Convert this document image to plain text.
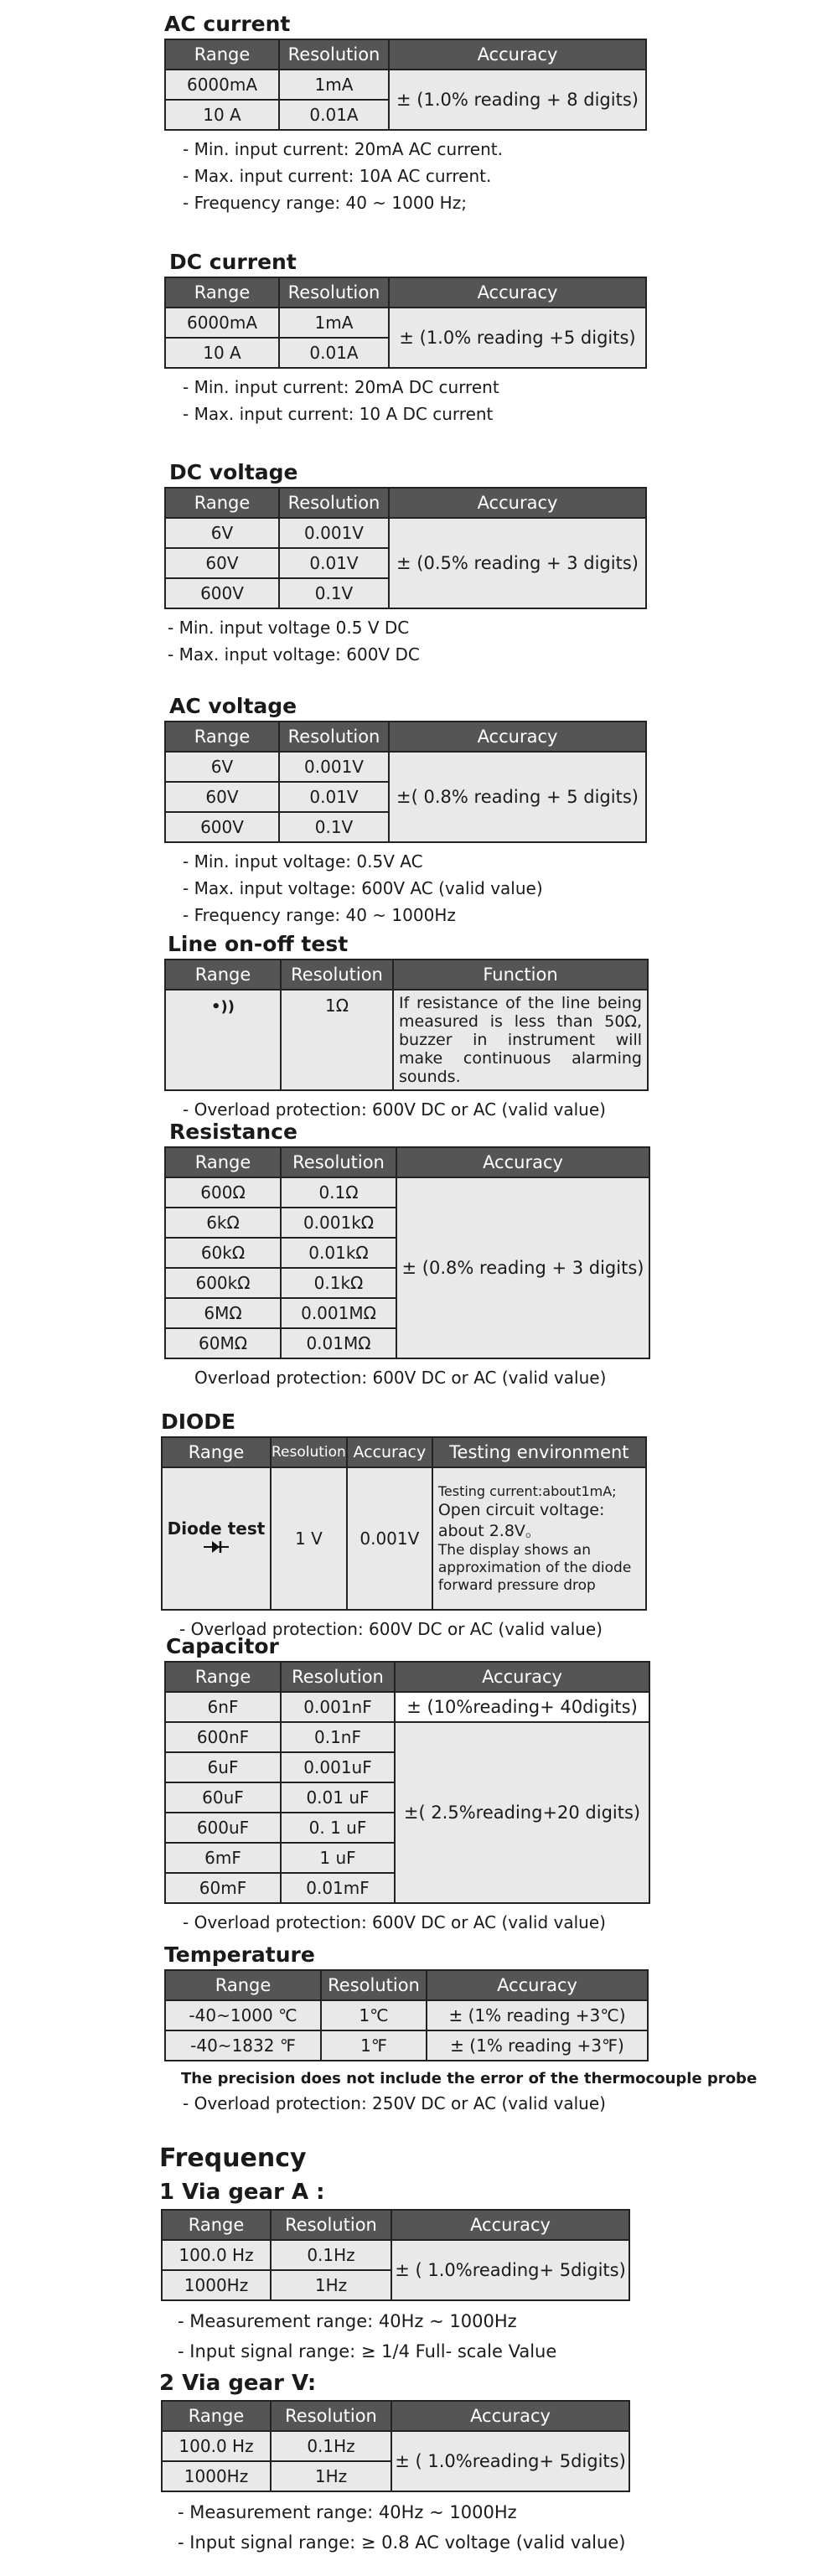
AC current
Range	Resolution	Accuracy
6000mA	1mA	± (1.0% reading + 8 digits)
10 A	0.01A	
- Min. input current: 20mA AC current.
- Max. input current: 10A AC current.
- Frequency range: 40 ~ 1000 Hz;
DC current
Range	Resolution	Accuracy
6000mA	1mA	± (1.0% reading +5 digits)
10 A	0.01A	
- Min. input current: 20mA DC current
- Max. input current: 10 A DC current
DC voltage
Range	Resolution	Accuracy
6V	0.001V	± (0.5% reading + 3 digits)
60V	0.01V	
600V	0.1V	
- Min. input voltage 0.5 V DC
- Max. input voltage: 600V DC
AC voltage
Range	Resolution	Accuracy
6V	0.001V	±( 0.8% reading + 5 digits)
60V	0.01V	
600V	0.1V	
- Min. input voltage: 0.5V AC
- Max. input voltage: 600V AC (valid value)
- Frequency range: 40 ~ 1000Hz
Line on-off test
Range	Resolution	Function
•))	1Ω	If resistance of the line being measured is less than 50Ω, buzzer in instrument will make continuous alarming sounds.
- Overload protection: 600V DC or AC (valid value)
Resistance
Range	Resolution	Accuracy
600Ω	0.1Ω	± (0.8% reading + 3 digits)
6kΩ	0.001kΩ	
60kΩ	0.01kΩ	
600kΩ	0.1kΩ	
6MΩ	0.001MΩ	
60MΩ	0.01MΩ	
Overload protection: 600V DC or AC (valid value)
DIODE
Range	Resolution	Accuracy	Testing environment

Diode test	1 V	0.001V	Testing current:about1mA;
Open circuit voltage: about 2.8V。
The display shows an approximation of the diode forward pressure drop
- Overload protection: 600V DC or AC (valid value)
Capacitor
Range	Resolution	Accuracy
6nF	0.001nF	± (10%reading+ 40digits)
600nF	0.1nF	±( 2.5%reading+20 digits)
6uF	0.001uF	
60uF	0.01 uF	
600uF	0. 1 uF	
6mF	1 uF	
60mF	0.01mF	
- Overload protection: 600V DC or AC (valid value)
Temperature
Range	Resolution	Accuracy
-40~1000 ℃	1℃	± (1% reading +3℃)
-40~1832 ℉	1℉	± (1% reading +3℉)
The precision does not include the error of the thermocouple probe
- Overload protection: 250V DC or AC (valid value)
Frequency
1 Via gear A :
Range	Resolution	Accuracy
100.0 Hz	0.1Hz	± ( 1.0%reading+ 5digits)
1000Hz	1Hz	
- Measurement range: 40Hz ~ 1000Hz
- Input signal range: ≥ 1/4 Full- scale Value
2 Via gear V:
Range	Resolution	Accuracy
100.0 Hz	0.1Hz	± ( 1.0%reading+ 5digits)
1000Hz	1Hz	
- Measurement range: 40Hz ~ 1000Hz
- Input signal range: ≥ 0.8 AC voltage (valid value)
